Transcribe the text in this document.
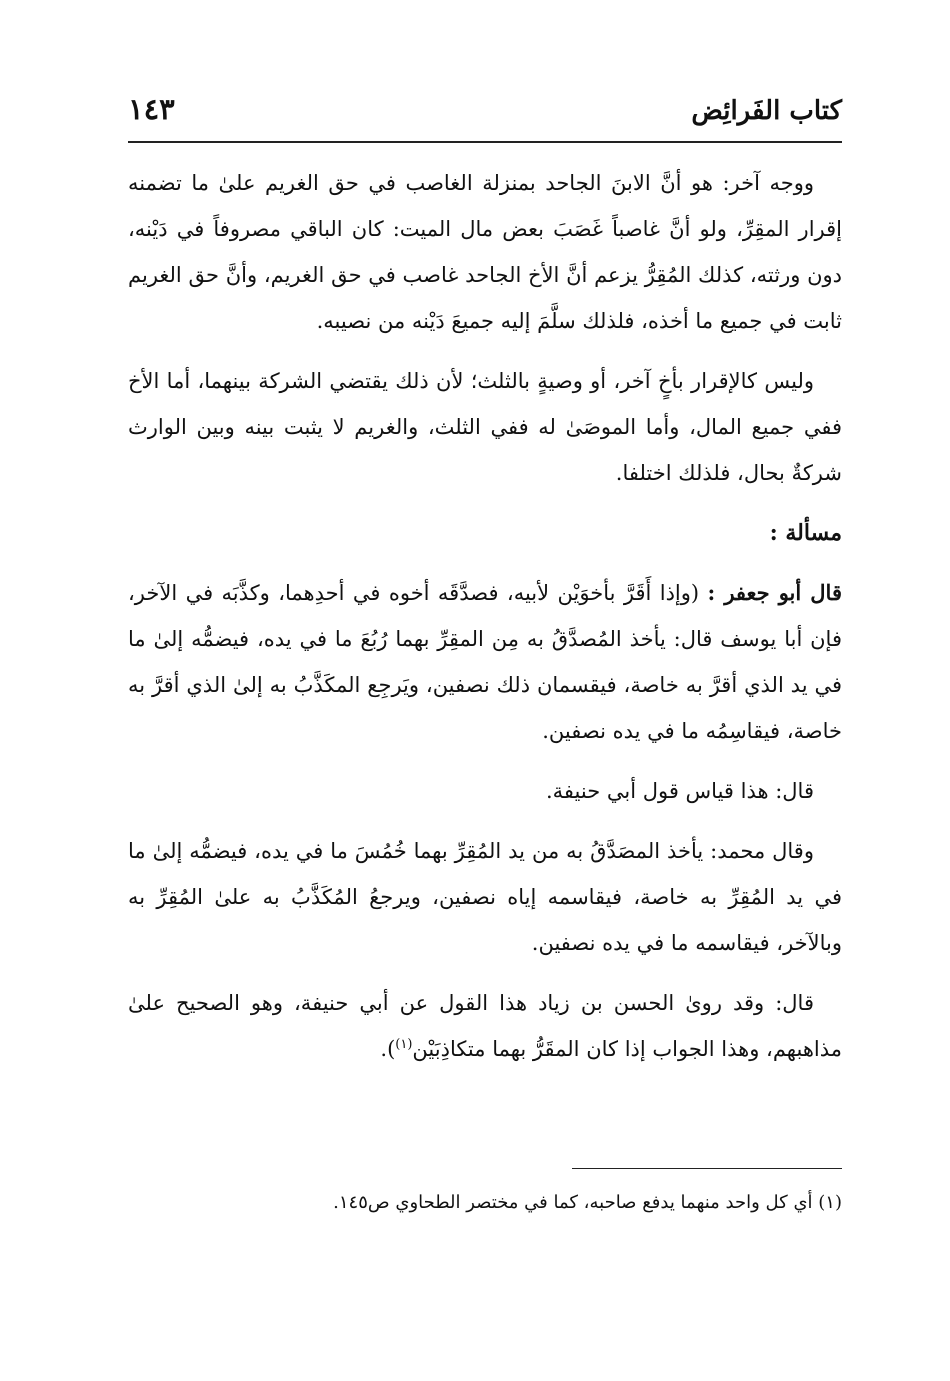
كتاب الفَرائِض
١٤٣

ووجه آخر: هو أنَّ الابنَ الجاحد بمنزلة الغاصب في حق الغريم علىٰ ما تضمنه إقرار المقِرِّ، ولو أنَّ غاصباً غَصَبَ بعض مال الميت: كان الباقي مصروفاً في دَيْنه، دون ورثته، كذلك المُقِرُّ يزعم أنَّ الأخ الجاحد غاصب في حق الغريم، وأنَّ حق الغريم ثابت في جميع ما أخذه، فلذلك سلَّمَ إليه جميعَ دَيْنه من نصيبه.

وليس كالإقرار بأخٍ آخر، أو وصيةٍ بالثلث؛ لأن ذلك يقتضي الشركة بينهما، أما الأخ ففي جميع المال، وأما الموصَىٰ له ففي الثلث، والغريم لا يثبت بينه وبين الوارث شركةٌ بحال، فلذلك اختلفا.

مسألة :

قال أبو جعفر : (وإذا أَقَرَّ بأخوَيْن لأبيه، فصدَّقَه أخوه في أحدِهما، وكذَّبَه في الآخر، فإن أبا يوسف قال: يأخذ المُصدَّقُ به مِن المقِرِّ بهما رُبُعَ ما في يده، فيضمُّه إلىٰ ما في يد الذي أقرَّ به خاصة، فيقسمان ذلك نصفين، ويَرجِع المكَذَّبُ به إلىٰ الذي أقرَّ به خاصة، فيقاسِمُه ما في يده نصفين.

قال: هذا قياس قول أبي حنيفة.

وقال محمد: يأخذ المصَدَّقُ به من يد المُقِرِّ بهما خُمُسَ ما في يده، فيضمُّه إلىٰ ما في يد المُقِرِّ به خاصة، فيقاسمه إياه نصفين، ويرجعُ المُكَذَّبُ به علىٰ المُقِرِّ به وبالآخر، فيقاسمه ما في يده نصفين.

قال: وقد روىٰ الحسن بن زياد هذا القول عن أبي حنيفة، وهو الصحيح علىٰ مذاهبهم، وهذا الجواب إذا كان المقَرُّ بهما متكاذِبَيْن$^{(١)}$).

(١) أي كل واحد منهما يدفع صاحبه، كما في مختصر الطحاوي ص١٤٥.
